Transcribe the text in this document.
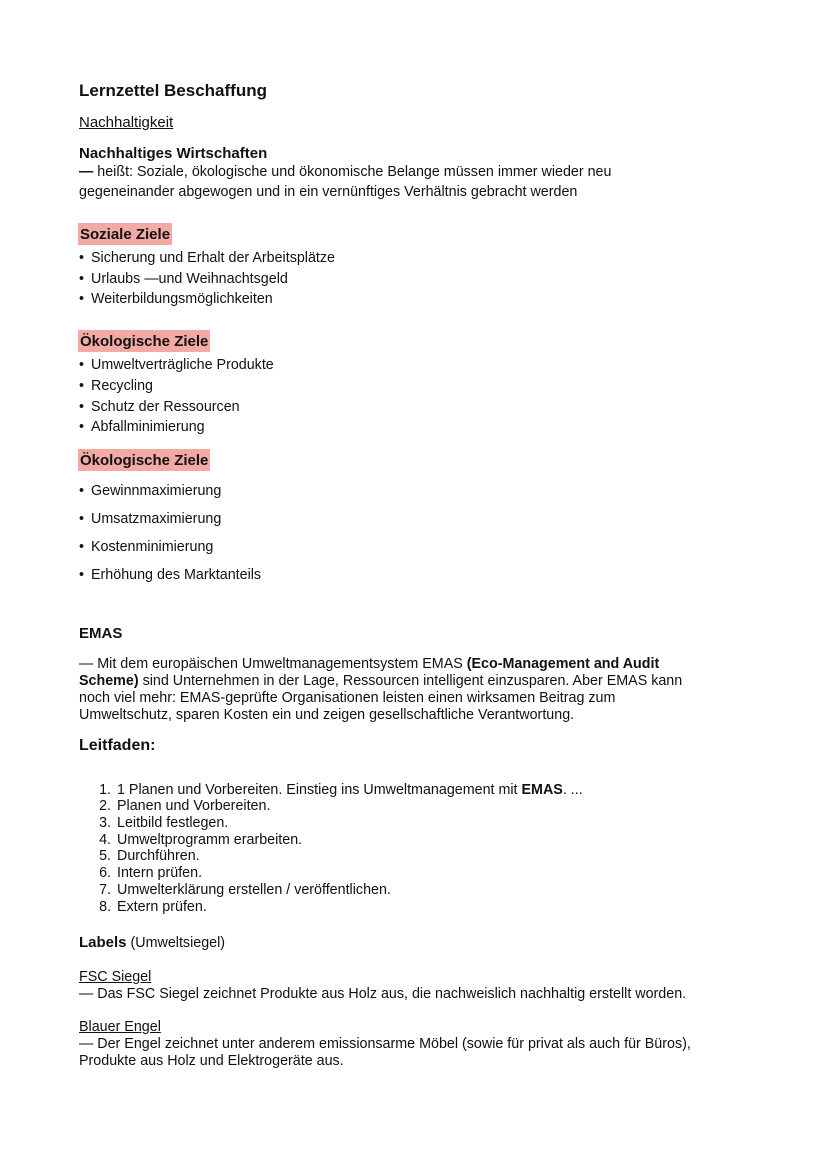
Lernzettel Beschaffung
Nachhaltigkeit
Nachhaltiges Wirtschaften
— heißt: Soziale, ökologische und ökonomische Belange müssen immer wieder neu
gegeneinander abgewogen und in ein vernünftiges Verhältnis gebracht werden
Soziale Ziele
• Sicherung und Erhalt der Arbeitsplätze
• Urlaubs —und Weihnachtsgeld
• Weiterbildungsmöglichkeiten
Ökologische Ziele
• Umweltverträgliche Produkte
• Recycling
• Schutz der Ressourcen
• Abfallminimierung
Ökologische Ziele
• Gewinnmaximierung
• Umsatzmaximierung
• Kostenminimierung
• Erhöhung des Marktanteils
EMAS
— Mit dem europäischen Umweltmanagementsystem EMAS (Eco-Management and Audit
Scheme) sind Unternehmen in der Lage, Ressourcen intelligent einzusparen. Aber EMAS kann
noch viel mehr: EMAS-geprüfte Organisationen leisten einen wirksamen Beitrag zum
Umweltschutz, sparen Kosten ein und zeigen gesellschaftliche Verantwortung.
Leitfaden:
1. 1 Planen und Vorbereiten. Einstieg ins Umweltmanagement mit EMAS. ...
2. Planen und Vorbereiten.
3. Leitbild festlegen.
4. Umweltprogramm erarbeiten.
5. Durchführen.
6. Intern prüfen.
7. Umwelterklärung erstellen / veröffentlichen.
8. Extern prüfen.
Labels (Umweltsiegel)
FSC Siegel
— Das FSC Siegel zeichnet Produkte aus Holz aus, die nachweislich nachhaltig erstellt worden.
Blauer Engel
— Der Engel zeichnet unter anderem emissionsarme Möbel (sowie für privat als auch für Büros),
Produkte aus Holz und Elektrogeräte aus.
